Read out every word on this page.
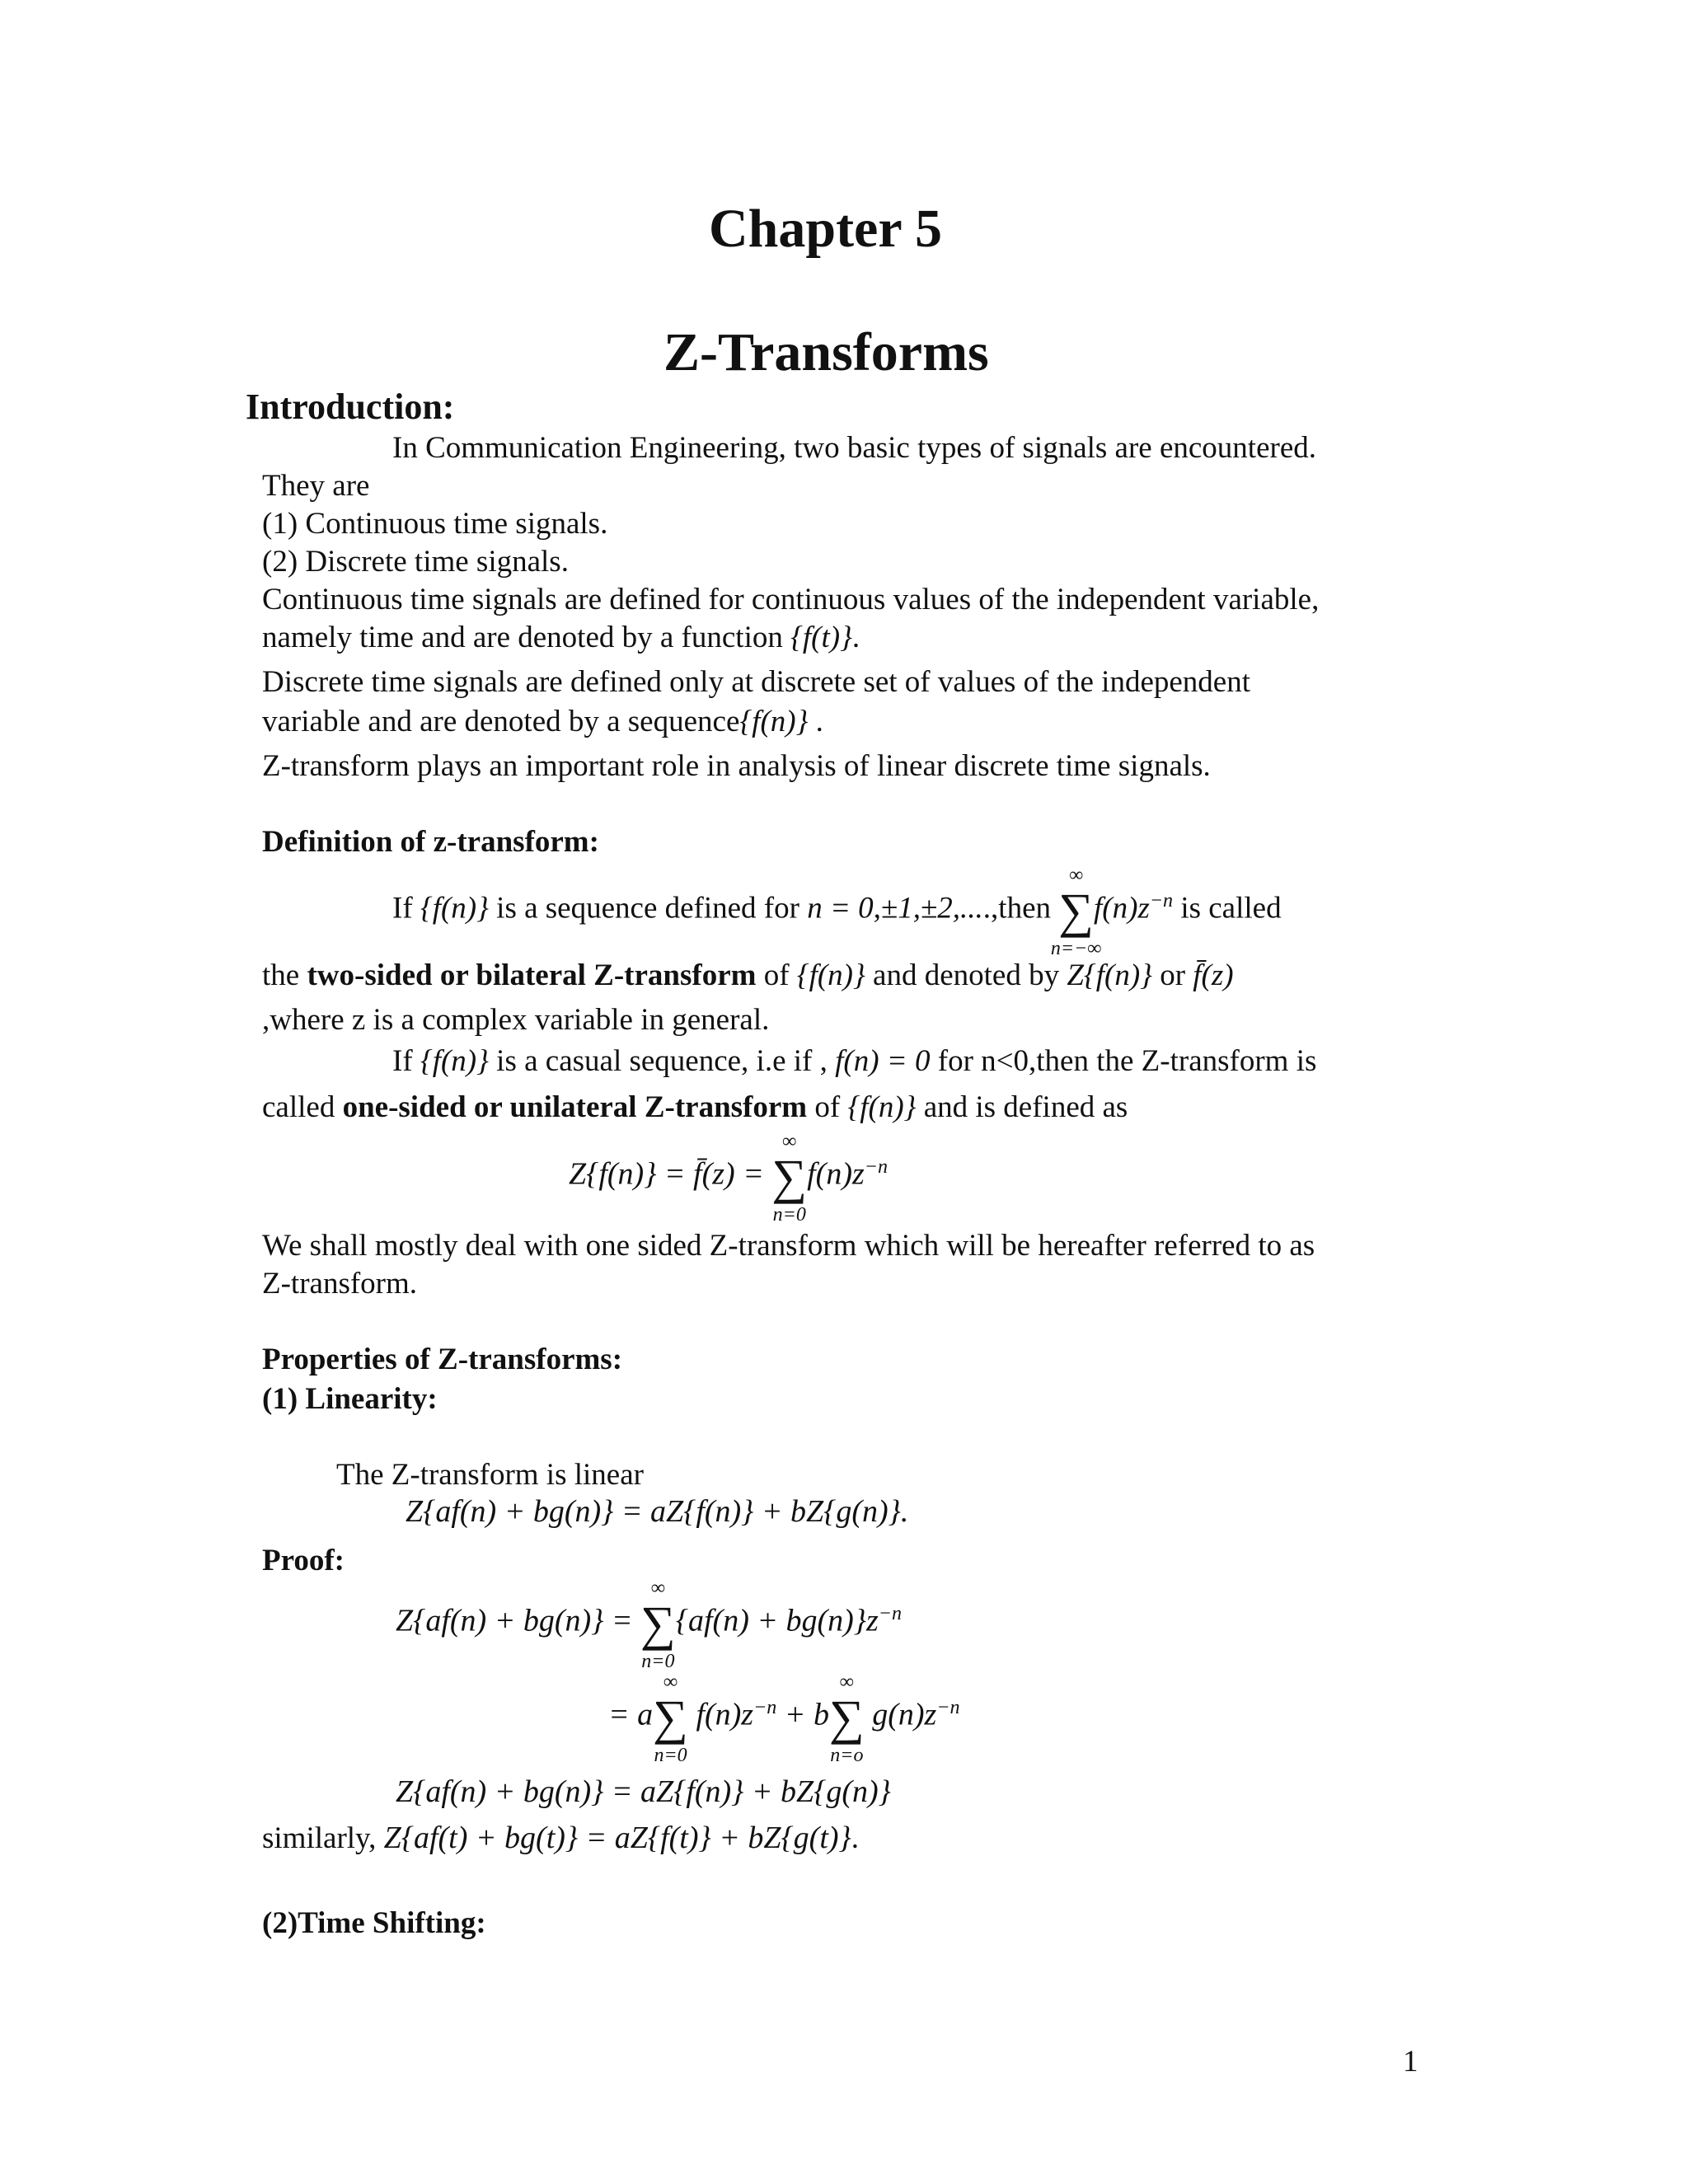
Chapter 5
Z-Transforms
Introduction:
In Communication Engineering, two basic types of signals are encountered.
They are
(1) Continuous time signals.
(2) Discrete time signals.
Continuous time signals are defined for continuous values of the independent variable,
namely time and are denoted by a function {f(t)}.
Discrete time signals are defined only at discrete set of values of the independent
variable and are denoted by a sequence{f(n)} .
Z-transform plays an important role in analysis of linear discrete time signals.
Definition of z-transform:
If {f(n)} is a sequence defined for n = 0,±1,±2,....,then
∞
∑
n=−∞
$f(n)z^{-n}$ is called
the two-sided or bilateral Z-transform of {f(n)} and denoted by Z{f(n)} or f̄(z)
,where z is a complex variable in general.
If {f(n)} is a casual sequence, i.e if , f(n) = 0 for n<0,then the Z-transform is
called one-sided or unilateral Z-transform of {f(n)} and is defined as
Z{f(n)} = f̄(z) =
∞
∑
n=0
$f(n)z^{-n}$
We shall mostly deal with one sided Z-transform which will be hereafter referred to as
Z-transform.
Properties of Z-transforms:
(1) Linearity:
The Z-transform is linear
Z{af(n) + bg(n)} = aZ{f(n)} + bZ{g(n)}.
Proof:
Z{af(n) + bg(n)} =
∞
∑
n=0
$\{af(n) + bg(n)\}z^{-n}$
= a
∞
∑
n=0
$f(n)z^{-n} + b$
∞
∑
n=o
$g(n)z^{-n}$
Z{af(n) + bg(n)} = aZ{f(n)} + bZ{g(n)}
similarly, Z{af(t) + bg(t)} = aZ{f(t)} + bZ{g(t)}.
(2)Time Shifting:
1
